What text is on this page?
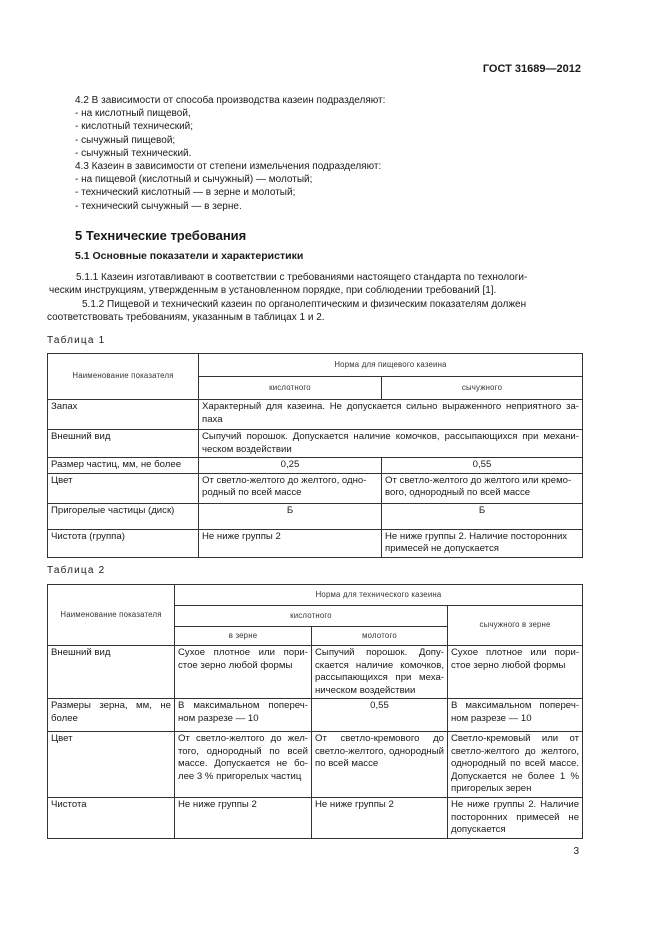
ГОСТ 31689—2012
4.2 В зависимости от способа производства казеин подразделяют:
- на кислотный пищевой,
- кислотный технический;
- сычужный пищевой;
- сычужный технический.
4.3 Казеин в зависимости от степени измельчения подразделяют:
- на пищевой (кислотный и сычужный) — молотый;
- технический кислотный — в зерне и молотый;
- технический сычужный — в зерне.
5 Технические требования
5.1 Основные показатели и характеристики
5.1.1 Казеин изготавливают в соответствии с требованиями настоящего стандарта по технологи-
ческим инструкциям, утвержденным в установленном порядке, при соблюдении требований [1].
5.1.2 Пищевой и технический казеин по органолептическим и физическим показателям должен
соответствовать требованиям, указанным в таблицах 1 и 2.
Таблица 1
Наименование показателя	Норма для пищевого казеина	
	кислотного	сычужного
Запах	Характерный для казеина. Не допускается сильно выраженного неприятного за-паха	
Внешний вид	Сыпучий порошок. Допускается наличие комочков, рассыпающихся при механи-ческом воздействии	
Размер частиц, мм, не более	0,25	0,55
Цвет	От светло-желтого до желтого, одно-родный по всей массе	От светло-желтого до желтого или кремо-вого, однородный по всей массе
Пригорелые частицы (диск)	Б	Б
Чистота (группа)	Не ниже группы 2	Не ниже группы 2. Наличие посторонних примесей не допускается
Таблица 2
Наименование показателя	Норма для технического казеина		
	кислотного		сычужного в зерне
	в зерне	молотого	
Внешний вид	Сухое плотное или пори-стое зерно любой формы	Сыпучий порошок. Допу-скается наличие комочков, рассыпающихся при меха-ническом воздействии	Сухое плотное или пори-стое зерно любой формы
Размеры зерна, мм, не более	В максимальном попереч-ном разрезе — 10	0,55	В максимальном попереч-ном разрезе — 10
Цвет	От светло-желтого до жел-того, однородный по всей массе. Допускается не бо-лее 3 % пригорелых частиц	От светло-кремового до светло-желтого, однородный по всей массе	Светло-кремовый или от светло-желтого до желтого, однородный по всей массе. Допускается не более 1 % пригорелых зерен
Чистота	Не ниже группы 2	Не ниже группы 2	Не ниже группы 2. Наличие посторонних примесей не допускается
3
